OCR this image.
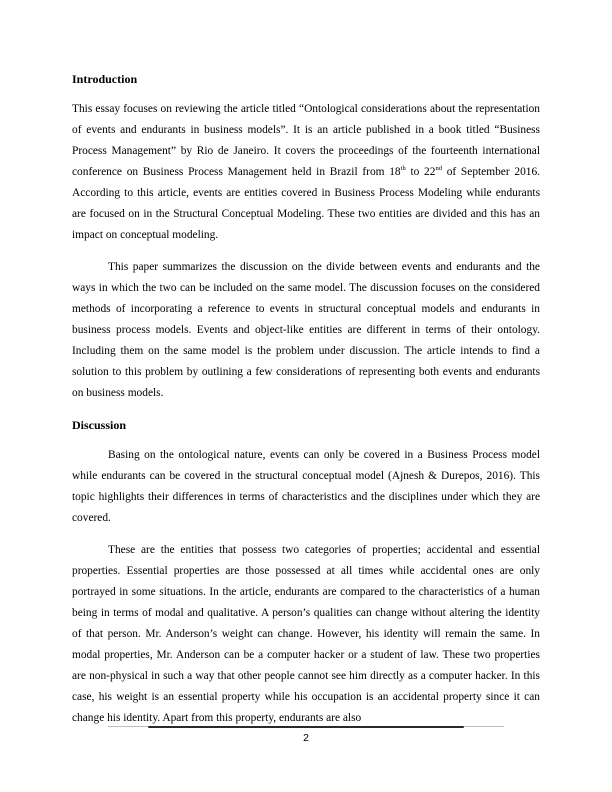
Introduction

This essay focuses on reviewing the article titled “Ontological considerations about the representation of events and endurants in business models”. It is an article published in a book titled “Business Process Management” by Rio de Janeiro. It covers the proceedings of the fourteenth international conference on Business Process Management held in Brazil from 18th to 22nd of September 2016. According to this article, events are entities covered in Business Process Modeling while endurants are focused on in the Structural Conceptual Modeling. These two entities are divided and this has an impact on conceptual modeling.

This paper summarizes the discussion on the divide between events and endurants and the ways in which the two can be included on the same model. The discussion focuses on the considered methods of incorporating a reference to events in structural conceptual models and endurants in business process models. Events and object-like entities are different in terms of their ontology. Including them on the same model is the problem under discussion. The article intends to find a solution to this problem by outlining a few considerations of representing both events and endurants on business models.

Discussion

Basing on the ontological nature, events can only be covered in a Business Process model while endurants can be covered in the structural conceptual model (Ajnesh & Durepos, 2016). This topic highlights their differences in terms of characteristics and the disciplines under which they are covered.

These are the entities that possess two categories of properties; accidental and essential properties. Essential properties are those possessed at all times while accidental ones are only portrayed in some situations. In the article, endurants are compared to the characteristics of a human being in terms of modal and qualitative. A person’s qualities can change without altering the identity of that person. Mr. Anderson’s weight can change. However, his identity will remain the same. In modal properties, Mr. Anderson can be a computer hacker or a student of law. These two properties are non-physical in such a way that other people cannot see him directly as a computer hacker. In this case, his weight is an essential property while his occupation is an accidental property since it can change his identity. Apart from this property, endurants are also

2
